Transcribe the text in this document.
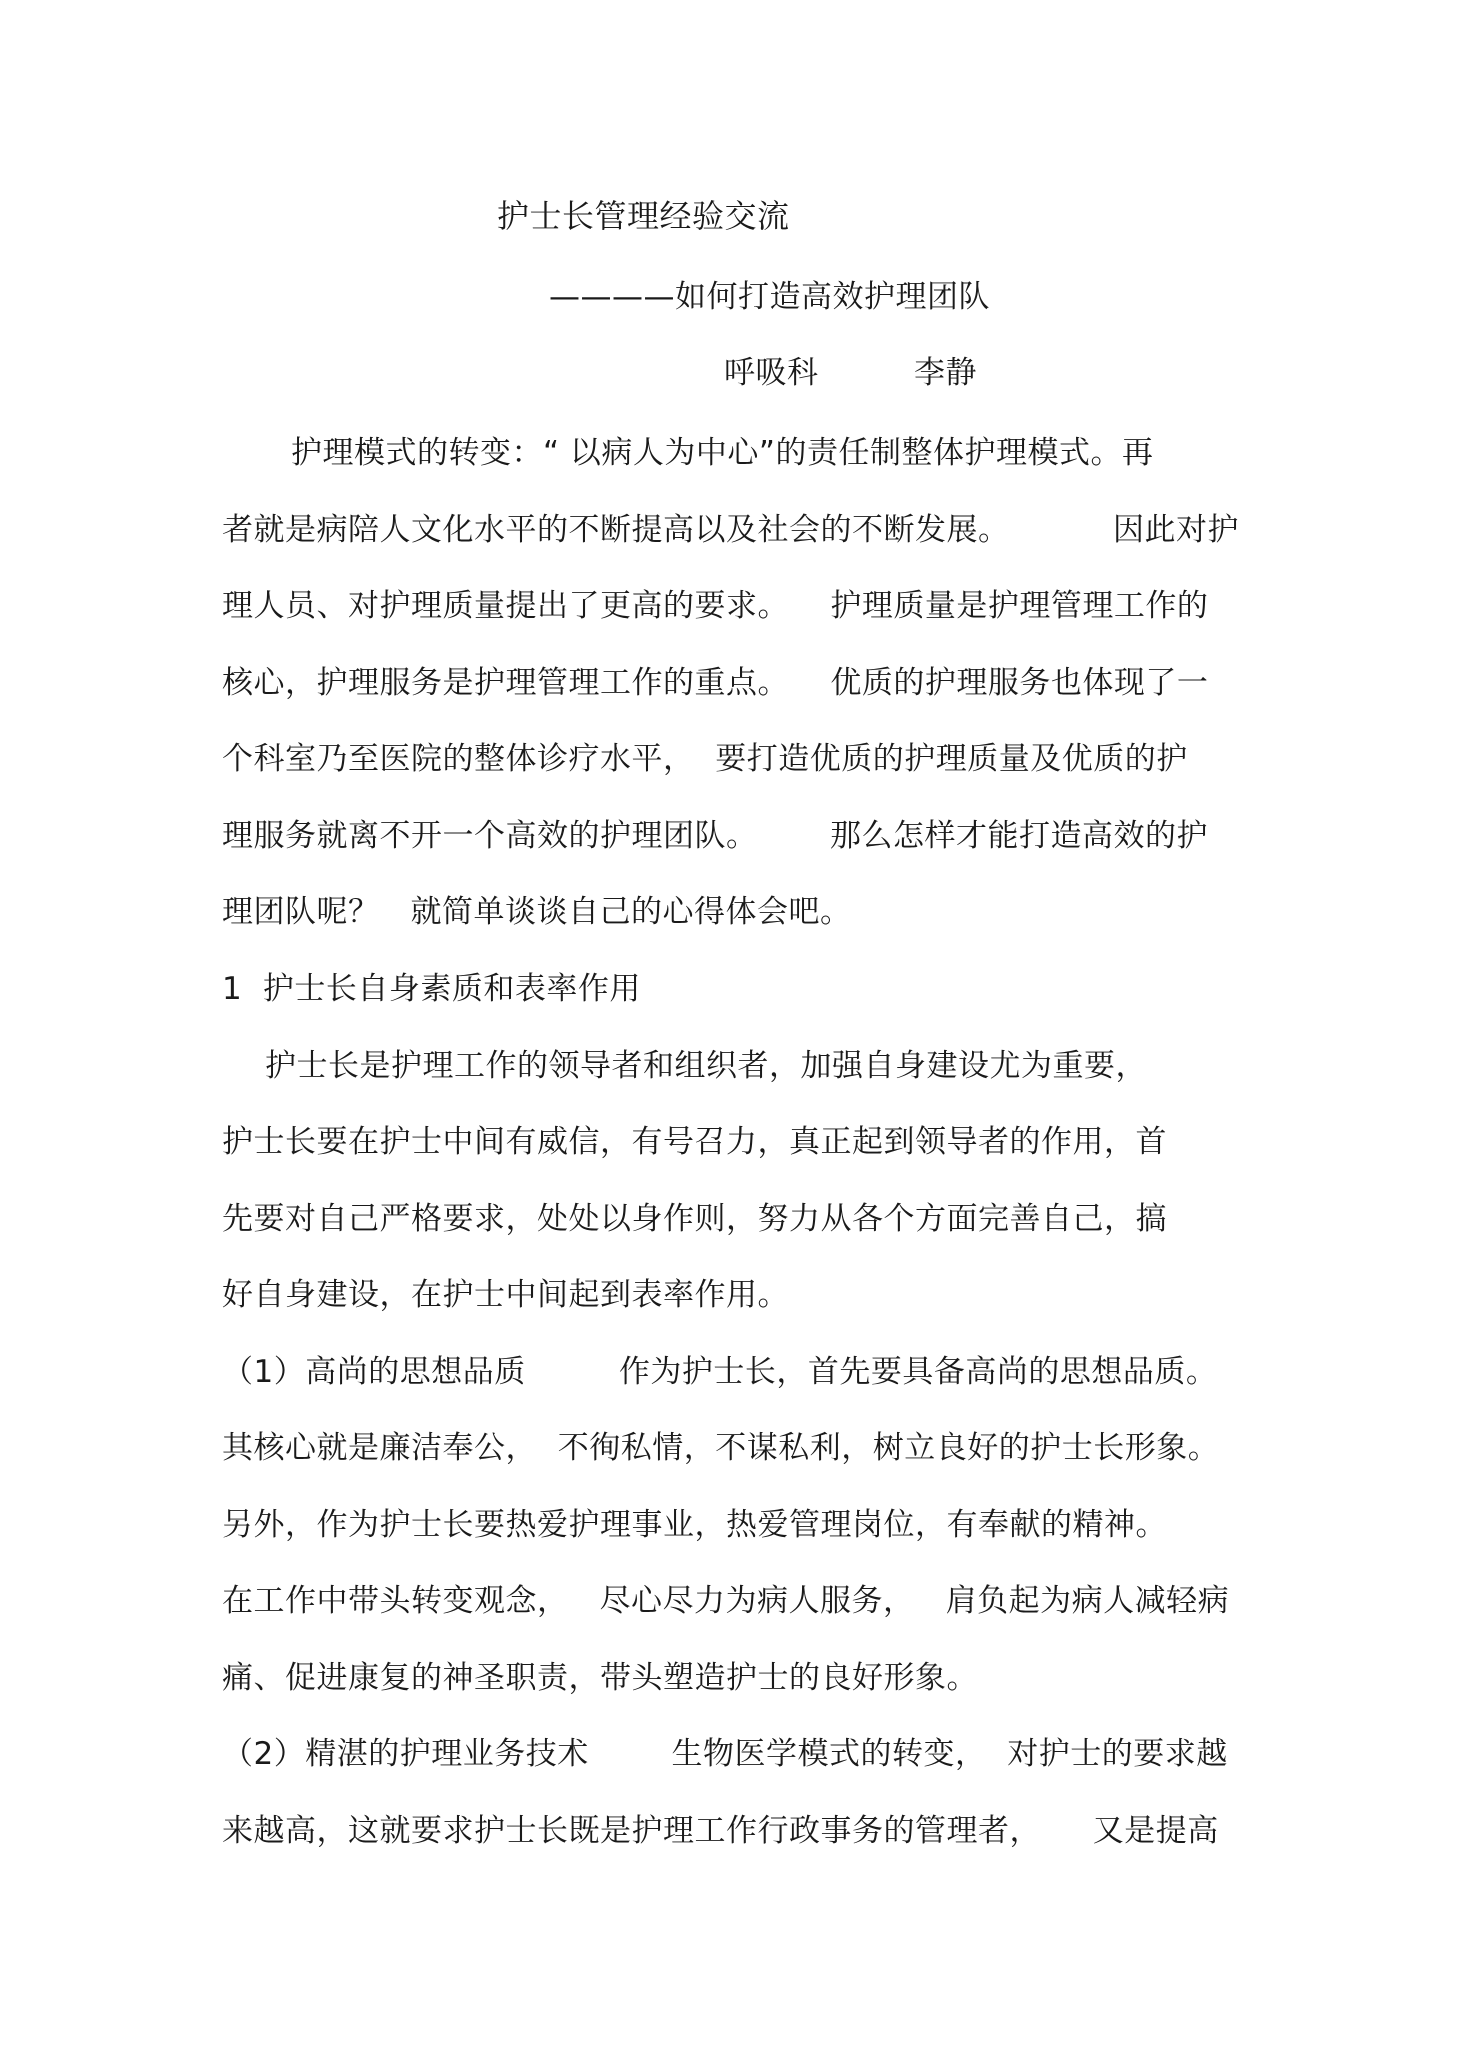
护士长管理经验交流
————如何打造高效护理团队
呼吸科	李静
护理模式的转变：“ 以病人为中心”的责任制整体护理模式。再
者就是病陪人文化水平的不断提高以及社会的不断发展。          因此对护
理人员、对护理质量提出了更高的要求。    护理质量是护理管理工作的
核心，护理服务是护理管理工作的重点。    优质的护理服务也体现了一
个科室乃至医院的整体诊疗水平，  要打造优质的护理质量及优质的护
理服务就离不开一个高效的护理团队。       那么怎样才能打造高效的护
理团队呢？   就简单谈谈自己的心得体会吧。
1  护士长自身素质和表率作用
护士长是护理工作的领导者和组织者，加强自身建设尤为重要，
护士长要在护士中间有威信，有号召力，真正起到领导者的作用，首
先要对自己严格要求，处处以身作则，努力从各个方面完善自己，搞
好自身建设，在护士中间起到表率作用。
（1）高尚的思想品质         作为护士长，首先要具备高尚的思想品质。
其核心就是廉洁奉公，  不徇私情，不谋私利，树立良好的护士长形象。
另外，作为护士长要热爱护理事业，热爱管理岗位，有奉献的精神。
在工作中带头转变观念，   尽心尽力为病人服务，   肩负起为病人减轻病
痛、促进康复的神圣职责，带头塑造护士的良好形象。
（2）精湛的护理业务技术        生物医学模式的转变，  对护士的要求越
来越高，这就要求护士长既是护理工作行政事务的管理者，     又是提高
